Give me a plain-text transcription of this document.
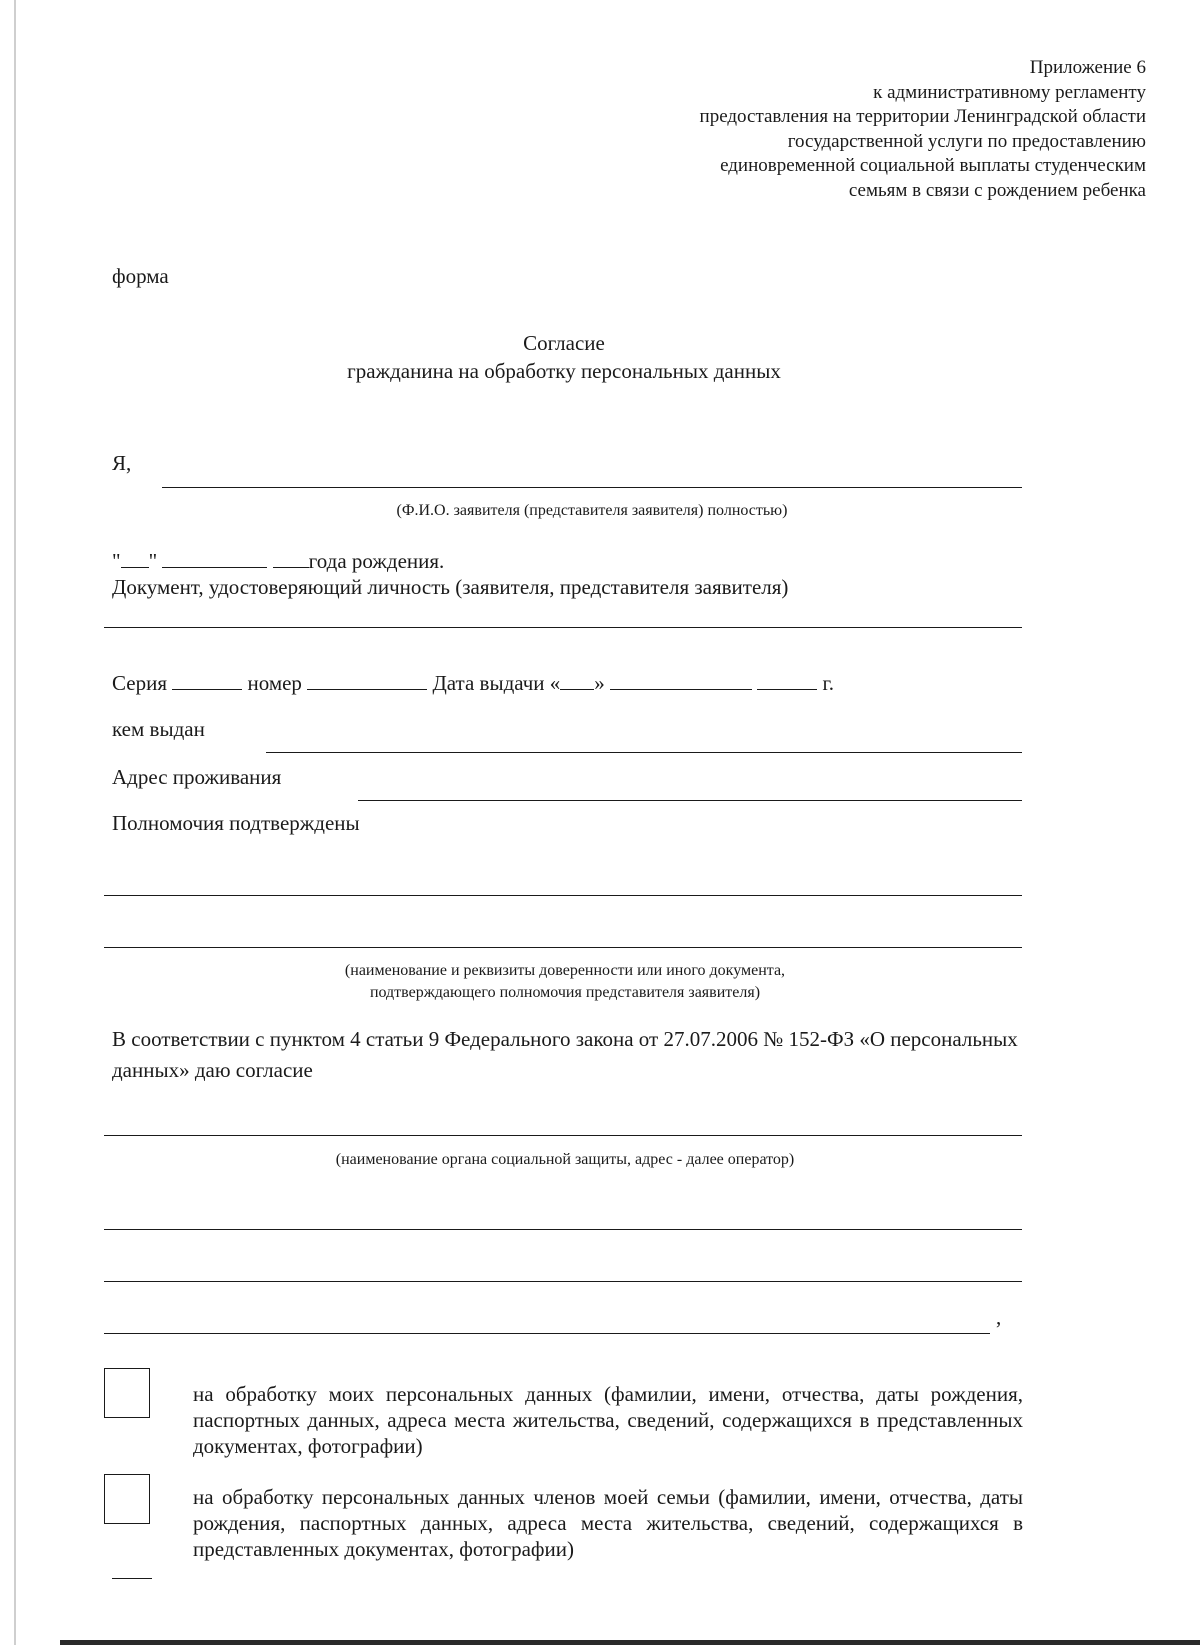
Приложение 6
к административному регламенту
предоставления на территории Ленинградской области
государственной услуги по предоставлению
единовременной социальной выплаты студенческим
семьям в связи с рождением ребенка
форма
Согласие
гражданина на обработку персональных данных
Я,
(Ф.И.О. заявителя (представителя заявителя) полностью)
" "	года рождения.
Документ, удостоверяющий личность (заявителя, представителя заявителя)
Серия	номер	Дата выдачи « »	г.
кем выдан
Адрес проживания
Полномочия подтверждены
(наименование и реквизиты доверенности или иного документа,
подтверждающего полномочия представителя заявителя)
В соответствии с пунктом 4 статьи 9 Федерального закона от 27.07.2006 № 152-ФЗ «О персональных данных» даю согласие
(наименование органа социальной защиты, адрес - далее оператор)
,
на обработку моих персональных данных (фамилии, имени, отчества, даты рождения, паспортных данных, адреса места жительства, сведений, содержащихся в представленных документах, фотографии)
на обработку персональных данных членов моей семьи (фамилии, имени, отчества, даты рождения, паспортных данных, адреса места жительства, сведений, содержащихся в представленных документах, фотографии)
